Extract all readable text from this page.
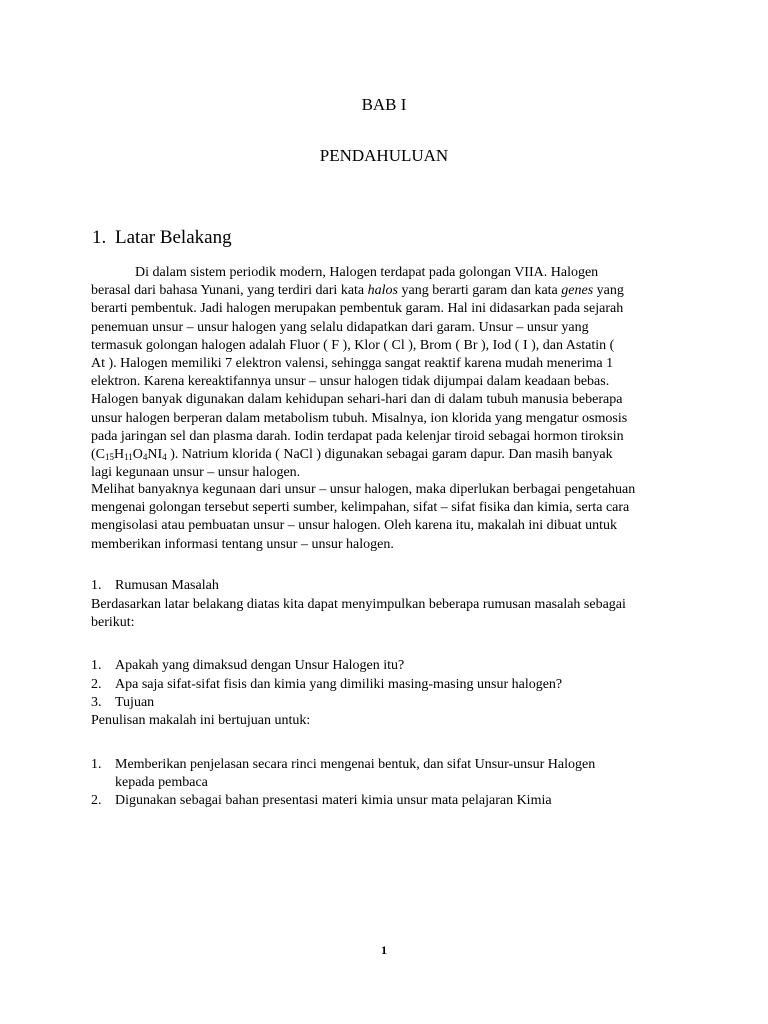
BAB I
PENDAHULUAN
1. Latar Belakang
Di dalam sistem periodik modern, Halogen terdapat pada golongan VIIA. Halogen
berasal dari bahasa Yunani, yang terdiri dari kata halos yang berarti garam dan kata genes yang
berarti pembentuk. Jadi halogen merupakan pembentuk garam. Hal ini didasarkan pada sejarah
penemuan unsur – unsur halogen yang selalu didapatkan dari garam. Unsur – unsur yang
termasuk golongan halogen adalah Fluor ( F ), Klor ( Cl ), Brom ( Br ), Iod ( I ), dan Astatin (
At ). Halogen memiliki 7 elektron valensi, sehingga sangat reaktif karena mudah menerima 1
elektron. Karena kereaktifannya unsur – unsur halogen tidak dijumpai dalam keadaan bebas.
Halogen banyak digunakan dalam kehidupan sehari-hari dan di dalam tubuh manusia beberapa
unsur halogen berperan dalam metabolism tubuh. Misalnya, ion klorida yang mengatur osmosis
pada jaringan sel dan plasma darah. Iodin terdapat pada kelenjar tiroid sebagai hormon tiroksin
($C_{15}H_{11}O_4NI_4$ ). Natrium klorida ( NaCl ) digunakan sebagai garam dapur. Dan masih banyak
lagi kegunaan unsur – unsur halogen.
Melihat banyaknya kegunaan dari unsur – unsur halogen, maka diperlukan berbagai pengetahuan
mengenai golongan tersebut seperti sumber, kelimpahan, sifat – sifat fisika dan kimia, serta cara
mengisolasi atau pembuatan unsur – unsur halogen. Oleh karena itu, makalah ini dibuat untuk
memberikan informasi tentang unsur – unsur halogen.
1. Rumusan Masalah
Berdasarkan latar belakang diatas kita dapat menyimpulkan beberapa rumusan masalah sebagai
berikut:
1. Apakah yang dimaksud dengan Unsur Halogen itu?
2. Apa saja sifat-sifat fisis dan kimia yang dimiliki masing-masing unsur halogen?
3. Tujuan
Penulisan makalah ini bertujuan untuk:
1. Memberikan penjelasan secara rinci mengenai bentuk, dan sifat Unsur-unsur Halogen
kepada pembaca
2. Digunakan sebagai bahan presentasi materi kimia unsur mata pelajaran Kimia
1
